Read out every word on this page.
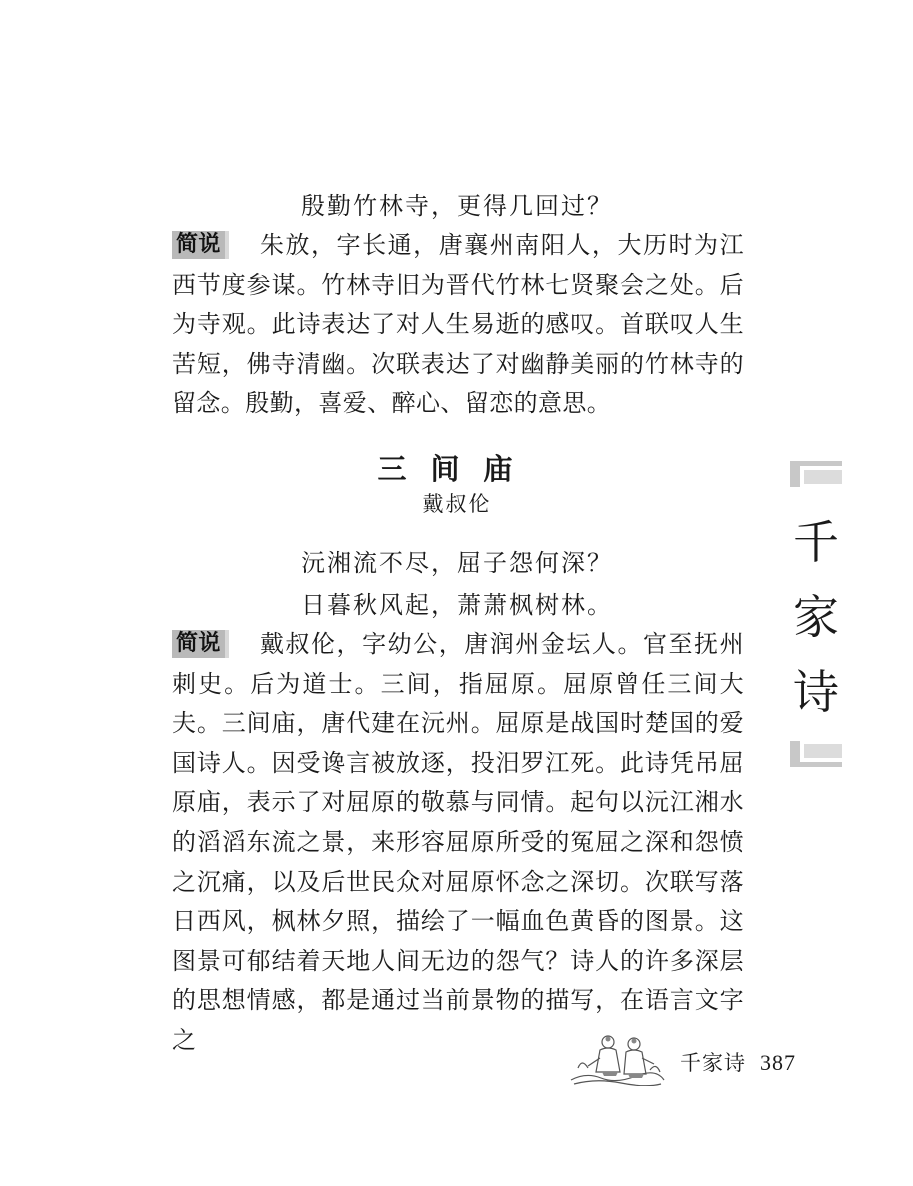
殷勤竹林寺，更得几回过？
简说 朱放，字长通，唐襄州南阳人，大历时为江西节度参谋。竹林寺旧为晋代竹林七贤聚会之处。后为寺观。此诗表达了对人生易逝的感叹。首联叹人生苦短，佛寺清幽。次联表达了对幽静美丽的竹林寺的留念。殷勤，喜爱、醉心、留恋的意思。
三间庙
戴叔伦
沅湘流不尽，屈子怨何深？
日暮秋风起，萧萧枫树林。
简说 戴叔伦，字幼公，唐润州金坛人。官至抚州刺史。后为道士。三间，指屈原。屈原曾任三间大夫。三间庙，唐代建在沅州。屈原是战国时楚国的爱国诗人。因受谗言被放逐，投汨罗江死。此诗凭吊屈原庙，表示了对屈原的敬慕与同情。起句以沅江湘水的滔滔东流之景，来形容屈原所受的冤屈之深和怨愤之沉痛，以及后世民众对屈原怀念之深切。次联写落日西风，枫林夕照，描绘了一幅血色黄昏的图景。这图景可郁结着天地人间无边的怨气？诗人的许多深层的思想情感，都是通过当前景物的描写，在语言文字之
千
家
诗
千家诗 387
